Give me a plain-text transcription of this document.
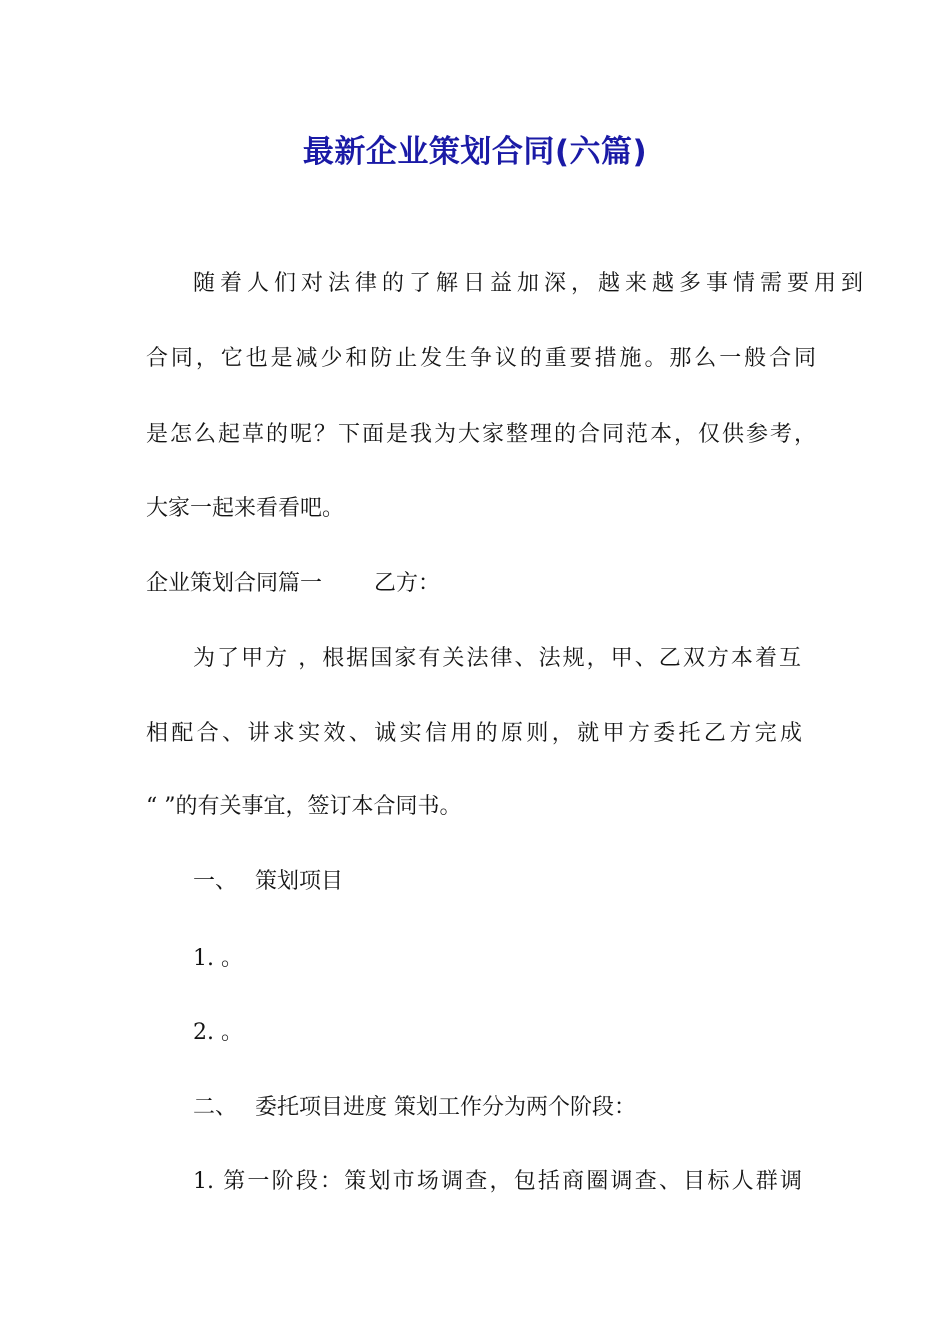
最新企业策划合同(六篇)
随着人们对法律的了解日益加深，越来越多事情需要用到
合同，它也是减少和防止发生争议的重要措施。那么一般合同
是怎么起草的呢？下面是我为大家整理的合同范本，仅供参考，
大家一起来看看吧。
企业策划合同篇一 乙方：
为了甲方 ，根据国家有关法律、法规，甲、乙双方本着互
相配合、讲求实效、诚实信用的原则，就甲方委托乙方完成
“ ”的有关事宜，签订本合同书。
一、 策划项目
1. 。
2. 。
二、 委托项目进度 策划工作分为两个阶段：
1. 第一阶段：策划市场调查，包括商圈调查、目标人群调
